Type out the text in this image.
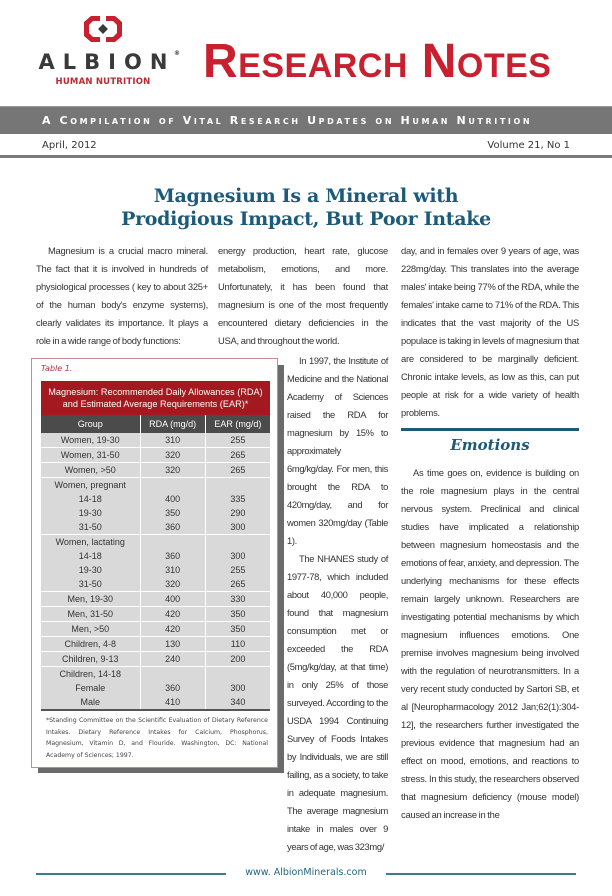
ALBION
®
HUMAN NUTRITION	Research Notes
A Compilation of Vital Research Updates on Human Nutrition
April, 2012	Volume 21, No 1
Magnesium Is a Mineral with
Prodigious Impact, But Poor Intake

Magnesium is a crucial macro mineral. The fact that it is involved in hundreds of physiological processes ( key to about 325+ of the human body's enzyme systems), clearly validates its importance. It plays a role in a wide range of body functions:

energy production, heart rate, glucose metabolism, emotions, and more. Unfortunately, it has been found that magnesium is one of the most frequently encountered dietary deficiencies in the USA, and throughout the world.

In 1997, the Institute of Medicine and the National Academy of Sciences raised the RDA for magnesium by 15% to approximately 6mg/kg/day. For men, this brought the RDA to 420mg/day, and for women 320mg/day (Table 1).

The NHANES study of 1977-78, which included about 40,000 people, found that magnesium consumption met or exceeded the RDA (5mg/kg/day, at that time) in only 25% of those surveyed. According to the USDA 1994 Continuing Survey of Foods Intakes by Individuals, we are still failing, as a society, to take in adequate magnesium. The average magnesium intake in males over 9 years of age, was 323mg/

day, and in females over 9 years of age, was 228mg/day. This translates into the average males' intake being 77% of the RDA, while the females' intake came to 71% of the RDA. This indicates that the vast majority of the US populace is taking in levels of magnesium that are considered to be marginally deficient. Chronic intake levels, as low as this, can put people at risk for a wide variety of health problems.

Emotions

As time goes on, evidence is building on the role magnesium plays in the central nervous system. Preclinical and clinical studies have implicated a relationship between magnesium homeostasis and the emotions of fear, anxiety, and depression. The underlying mechanisms for these effects remain largely unknown. Researchers are investigating potential mechanisms by which magnesium influences emotions. One premise involves magnesium being involved with the regulation of neurotransmitters. In a very recent study conducted by Sartori SB, et al [Neuropharmacology 2012 Jan;62(1):304-12], the researchers further investigated the previous evidence that magnesium had an effect on mood, emotions, and reactions to stress. In this study, the researchers observed that magnesium deficiency (mouse model) caused an increase in the

Table 1.
Magnesium: Recommended Daily Allowances (RDA)
and Estimated Average Requirements (EAR)*		

Group	RDA (mg/d)	EAR (mg/d)
Women, 19-30	310	255
Women, 31-50	320	265
Women, >50	320	265
Women, pregnant		
14-18	400	335
19-30	350	290
31-50	360	300
Women, lactating		
14-18	360	300
19-30	310	255
31-50	320	265
Men, 19-30	400	330
Men, 31-50	420	350
Men, >50	420	350
Children, 4-8	130	110
Children, 9-13	240	200
Children, 14-18		
Female	360	300
Male	410	340
*Standing Committee on the Scientific Evaluation of Dietary Reference Intakes. Dietary Reference Intakes for Calcium, Phosphorus, Magnesium, Vitamin D, and Flouride. Washington, DC: National Academy of Sciences; 1997.
www. AlbionMinerals.com
